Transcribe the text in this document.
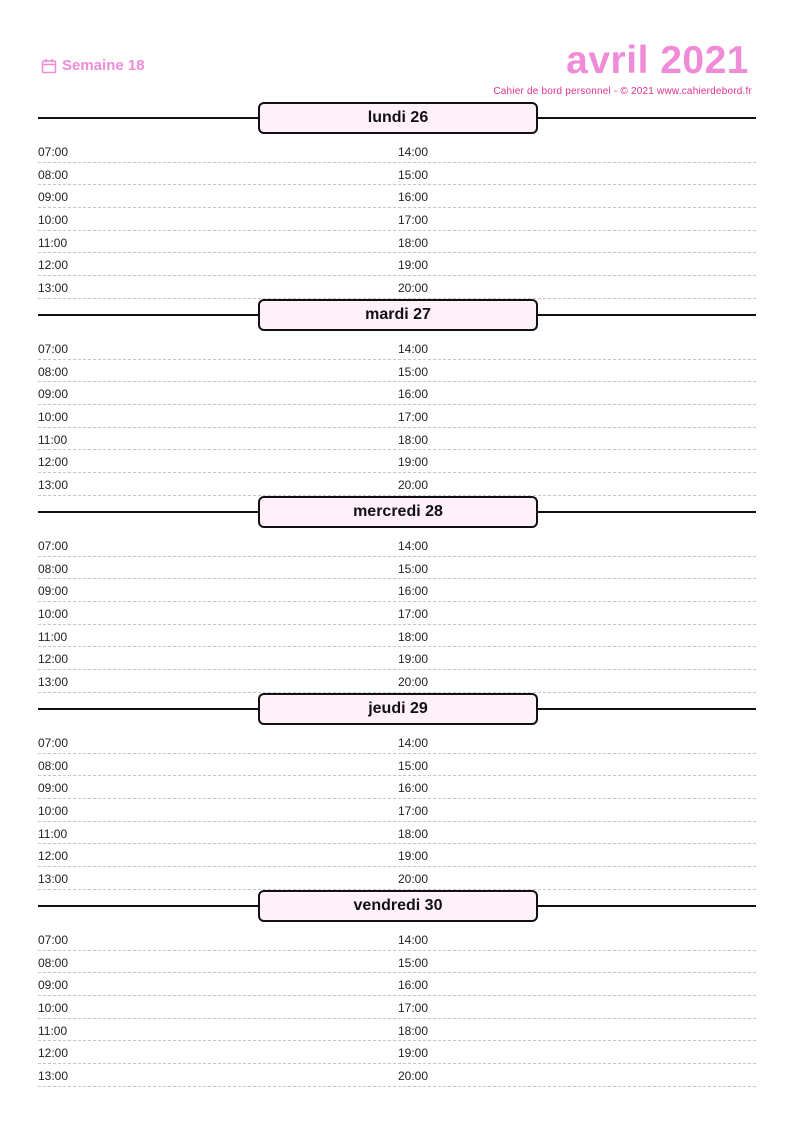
Semaine 18	avril 2021
Cahier de bord personnel - © 2021 www.cahierdebord.fr
lundi 26
07:00	14:00
08:00	15:00
09:00	16:00
10:00	17:00
11:00	18:00
12:00	19:00
13:00	20:00
mardi 27
07:00	14:00
08:00	15:00
09:00	16:00
10:00	17:00
11:00	18:00
12:00	19:00
13:00	20:00
mercredi 28
07:00	14:00
08:00	15:00
09:00	16:00
10:00	17:00
11:00	18:00
12:00	19:00
13:00	20:00
jeudi 29
07:00	14:00
08:00	15:00
09:00	16:00
10:00	17:00
11:00	18:00
12:00	19:00
13:00	20:00
vendredi 30
07:00	14:00
08:00	15:00
09:00	16:00
10:00	17:00
11:00	18:00
12:00	19:00
13:00	20:00
